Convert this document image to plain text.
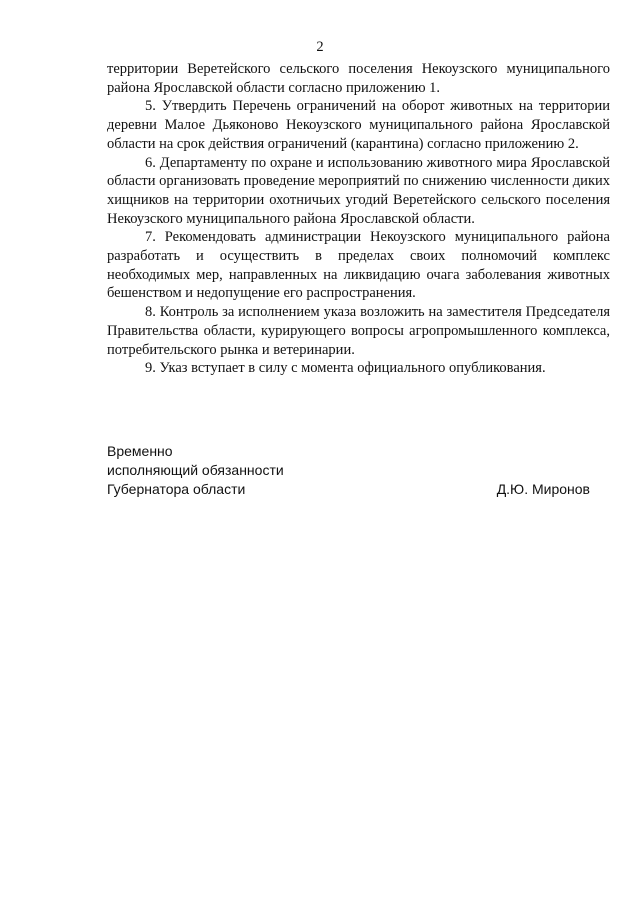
2

территории Веретейского сельского поселения Некоузского муниципального района Ярославской области согласно приложению 1.

5. Утвердить Перечень ограничений на оборот животных на территории деревни Малое Дьяконово Некоузского муниципального района Ярославской области на срок действия ограничений (карантина) согласно приложению 2.

6. Департаменту по охране и использованию животного мира Ярославской области организовать проведение мероприятий по снижению численности диких хищников на территории охотничьих угодий Веретейского сельского поселения Некоузского муниципального района Ярославской области.

7. Рекомендовать администрации Некоузского муниципального района разработать и осуществить в пределах своих полномочий комплекс необходимых мер, направленных на ликвидацию очага заболевания животных бешенством и недопущение его распространения.

8. Контроль за исполнением указа возложить на заместителя Председателя Правительства области, курирующего вопросы агропромышленного комплекса, потребительского рынка и ветеринарии.

9. Указ вступает в силу с момента официального опубликования.

Временно
исполняющий обязанности
Губернатора области	Д.Ю. Миронов
